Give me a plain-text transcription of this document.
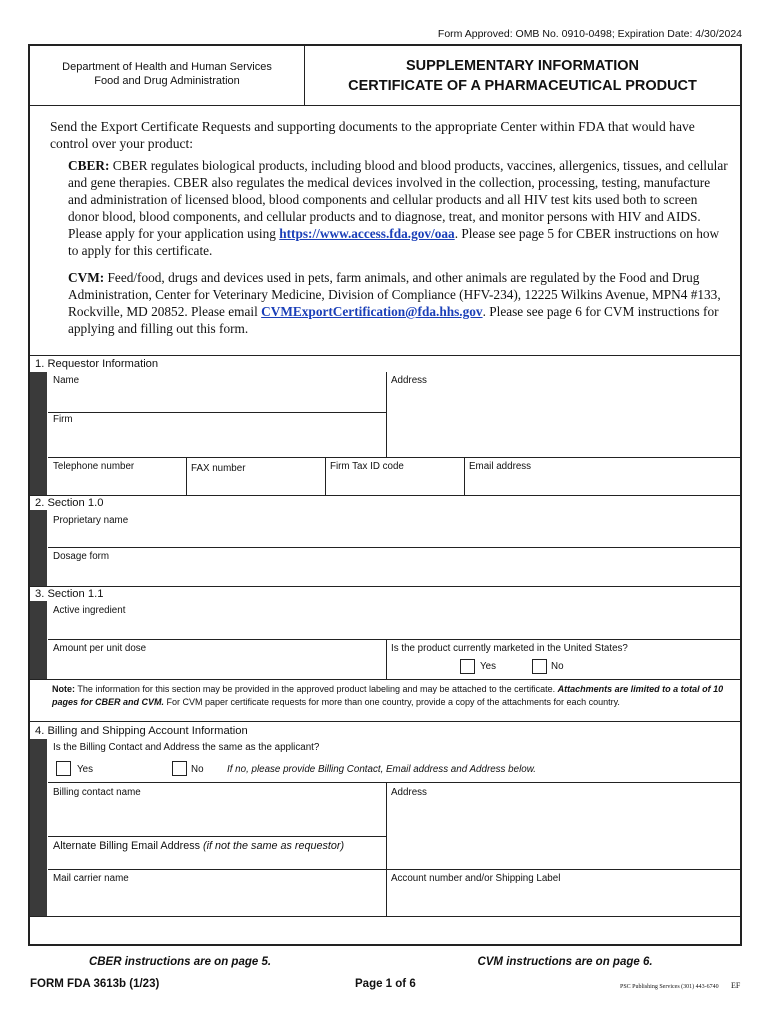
Form Approved: OMB No. 0910-0498; Expiration Date: 4/30/2024
Department of Health and Human Services
Food and Drug Administration
SUPPLEMENTARY INFORMATION
CERTIFICATE OF A PHARMACEUTICAL PRODUCT
Send the Export Certificate Requests and supporting documents to the appropriate Center within FDA that would have control over your product:
CBER: CBER regulates biological products, including blood and blood products, vaccines, allergenics, tissues, and cellular and gene therapies. CBER also regulates the medical devices involved in the collection, processing, testing, manufacture and administration of licensed blood, blood components and cellular products and all HIV test kits used both to screen donor blood, blood components, and cellular products and to diagnose, treat, and monitor persons with HIV and AIDS. Please apply for your application using https://www.access.fda.gov/oaa. Please see page 5 for CBER instructions on how to apply for this certificate.
CVM: Feed/food, drugs and devices used in pets, farm animals, and other animals are regulated by the Food and Drug Administration, Center for Veterinary Medicine, Division of Compliance (HFV-234), 12225 Wilkins Avenue, MPN4 #133, Rockville, MD 20852. Please email CVMExportCertification@fda.hhs.gov. Please see page 6 for CVM instructions for applying and filling out this form.
1. Requestor Information
Name	Address
Firm
Telephone number	FAX number	Firm Tax ID code	Email address
2. Section 1.0
Proprietary name
Dosage form
3. Section 1.1
Active ingredient
Amount per unit dose	Is the product currently marketed in the United States?
Yes	No
Note: The information for this section may be provided in the approved product labeling and may be attached to the certificate. Attachments are limited to a total of 10 pages for CBER and CVM. For CVM paper certificate requests for more than one country, provide a copy of the attachments for each country.
4. Billing and Shipping Account Information
Is the Billing Contact and Address the same as the applicant?
Yes	No If no, please provide Billing Contact, Email address and Address below.
Billing contact name	Address
Alternate Billing Email Address (if not the same as requestor)
Mail carrier name	Account number and/or Shipping Label
CBER instructions are on page 5.	CVM instructions are on page 6.
FORM FDA 3613b (1/23)	Page 1 of 6	PSC Publishing Services (301) 443-6740 EF
